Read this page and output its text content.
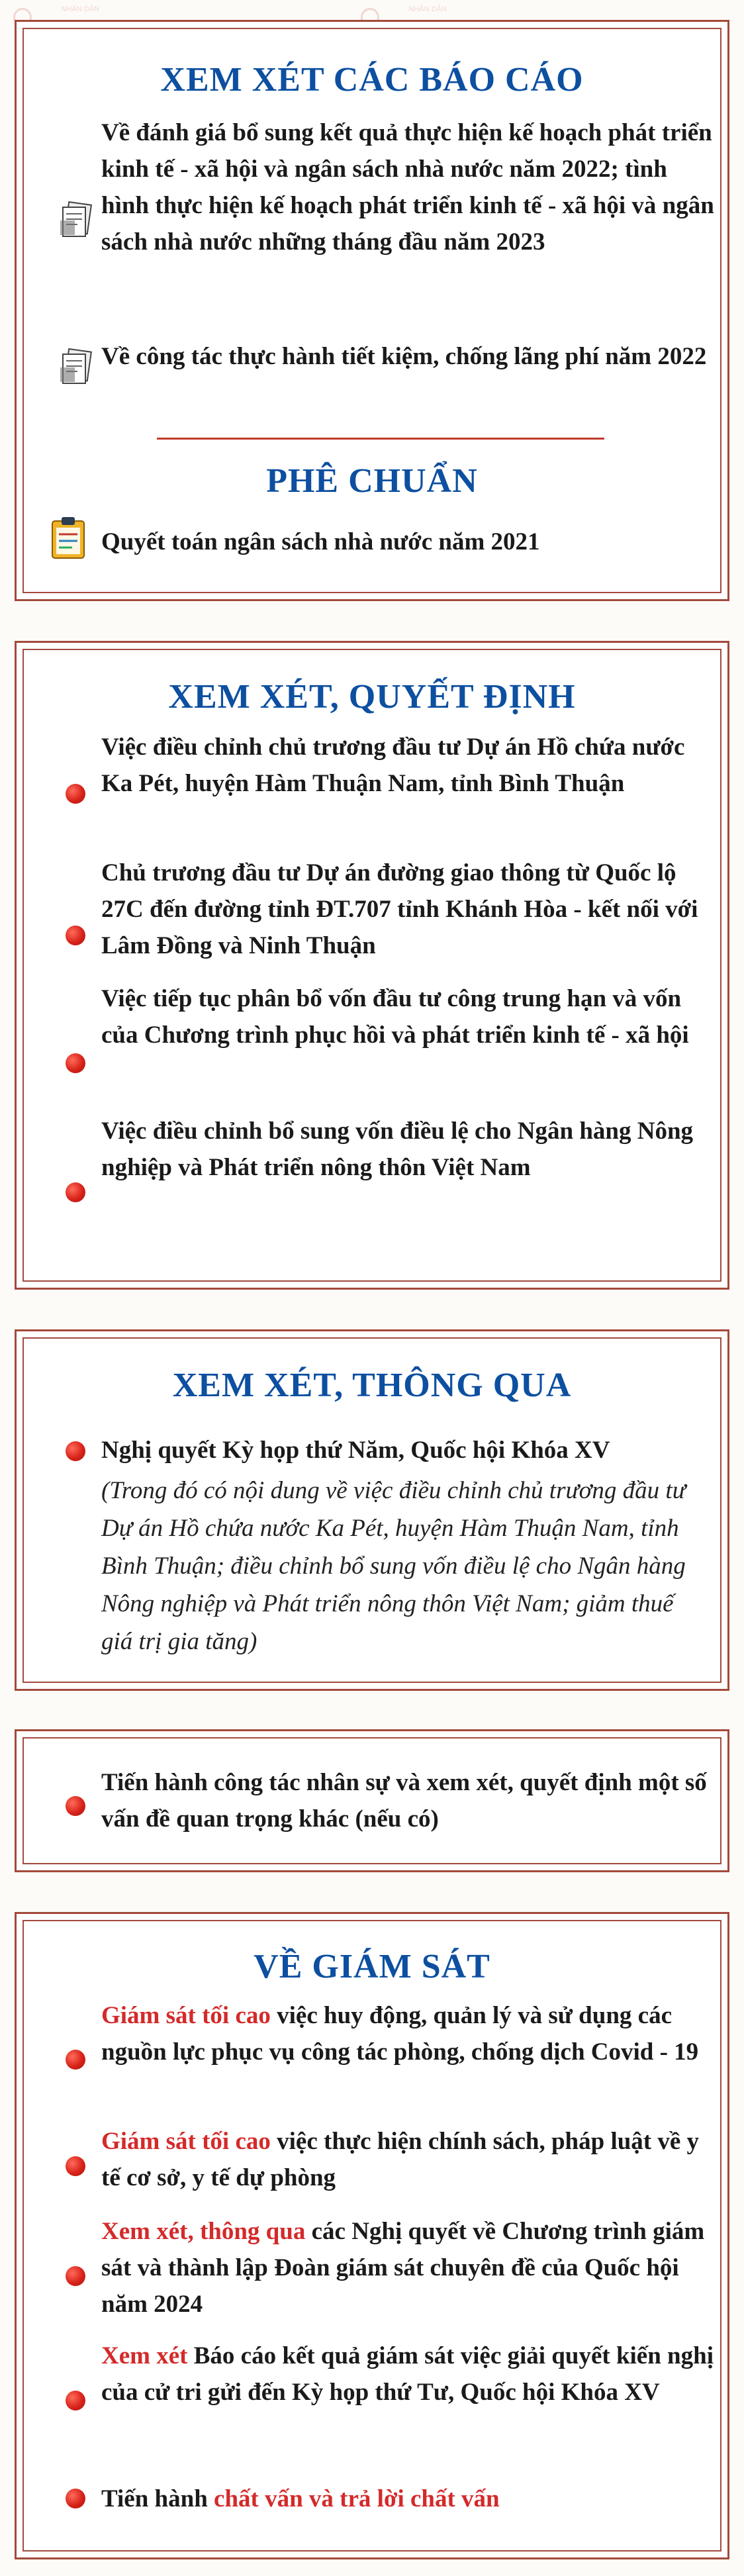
NHÂN DÂN	NHÂN DÂN
XEM XÉT CÁC BÁO CÁO
Về đánh giá bổ sung kết quả thực hiện kế hoạch phát triển kinh tế - xã hội và ngân sách nhà nước năm 2022; tình hình thực hiện kế hoạch phát triển kinh tế - xã hội và ngân sách nhà nước những tháng đầu năm 2023
Về công tác thực hành tiết kiệm, chống lãng phí năm 2022
PHÊ CHUẨN
Quyết toán ngân sách nhà nước năm 2021
XEM XÉT, QUYẾT ĐỊNH
Việc điều chỉnh chủ trương đầu tư Dự án Hồ chứa nước Ka Pét, huyện Hàm Thuận Nam, tỉnh Bình Thuận
Chủ trương đầu tư Dự án đường giao thông từ Quốc lộ 27C đến đường tỉnh ĐT.707 tỉnh Khánh Hòa - kết nối với Lâm Đồng và Ninh Thuận
Việc tiếp tục phân bổ vốn đầu tư công trung hạn và vốn của Chương trình phục hồi và phát triển kinh tế - xã hội
Việc điều chỉnh bổ sung vốn điều lệ cho Ngân hàng Nông nghiệp và Phát triển nông thôn Việt Nam
XEM XÉT, THÔNG QUA
Nghị quyết Kỳ họp thứ Năm, Quốc hội Khóa XV
(Trong đó có nội dung về việc điều chỉnh chủ trương đầu tư Dự án Hồ chứa nước Ka Pét, huyện Hàm Thuận Nam, tỉnh Bình Thuận; điều chỉnh bổ sung vốn điều lệ cho Ngân hàng Nông nghiệp và Phát triển nông thôn Việt Nam; giảm thuế giá trị gia tăng)
Tiến hành công tác nhân sự và xem xét, quyết định một số vấn đề quan trọng khác (nếu có)
VỀ GIÁM SÁT
Giám sát tối cao việc huy động, quản lý và sử dụng các nguồn lực phục vụ công tác phòng, chống dịch Covid - 19
Giám sát tối cao việc thực hiện chính sách, pháp luật về y tế cơ sở, y tế dự phòng
Xem xét, thông qua các Nghị quyết về Chương trình giám sát và thành lập Đoàn giám sát chuyên đề của Quốc hội năm 2024
Xem xét Báo cáo kết quả giám sát việc giải quyết kiến nghị của cử tri gửi đến Kỳ họp thứ Tư, Quốc hội Khóa XV
Tiến hành chất vấn và trả lời chất vấn
